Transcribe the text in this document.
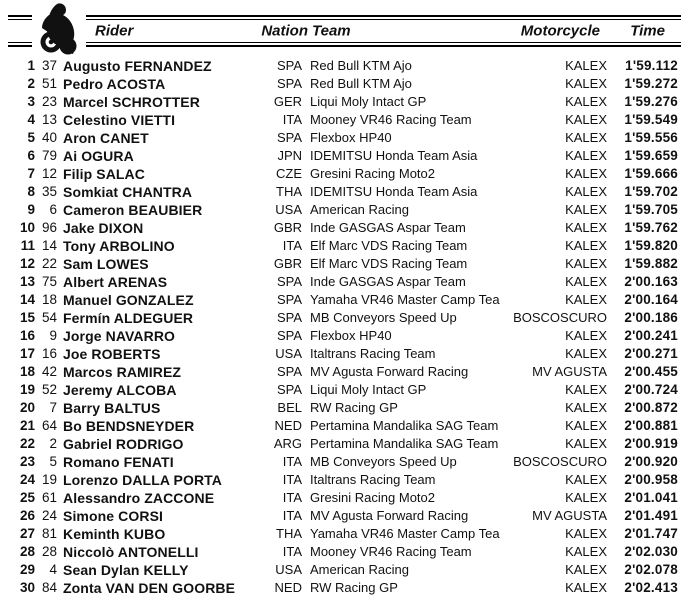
Rider	Nation Team	Motorcycle Time
1 37 Augusto FERNANDEZ	SPA Red Bull KTM Ajo	KALEX	1'59.112
2 51 Pedro ACOSTA	SPA Red Bull KTM Ajo	KALEX	1'59.272
3 23 Marcel SCHROTTER	GER Liqui Moly Intact GP	KALEX	1'59.276
4 13 Celestino VIETTI	ITA Mooney VR46 Racing Team	KALEX	1'59.549
5 40 Aron CANET	SPA Flexbox HP40	KALEX	1'59.556
6 79 Ai OGURA	JPN IDEMITSU Honda Team Asia	KALEX	1'59.659
7 12 Filip SALAC	CZE Gresini Racing Moto2	KALEX	1'59.666
8 35 Somkiat CHANTRA	THA IDEMITSU Honda Team Asia	KALEX	1'59.702
9	6 Cameron BEAUBIER	USA American Racing	KALEX	1'59.705
10 96 Jake DIXON	GBR Inde GASGAS Aspar Team	KALEX	1'59.762
11 14 Tony ARBOLINO	ITA Elf Marc VDS Racing Team	KALEX	1'59.820
12 22 Sam LOWES	GBR Elf Marc VDS Racing Team	KALEX	1'59.882
13 75 Albert ARENAS	SPA Inde GASGAS Aspar Team	KALEX	2'00.163
14 18 Manuel GONZALEZ	SPA Yamaha VR46 Master Camp Tea	KALEX	2'00.164
15 54 Fermín ALDEGUER	SPA MB Conveyors Speed Up	BOSCOSCURO	2'00.186
16	9 Jorge NAVARRO	SPA Flexbox HP40	KALEX	2'00.241
17 16 Joe ROBERTS	USA Italtrans Racing Team	KALEX	2'00.271
18 42 Marcos RAMIREZ	SPA MV Agusta Forward Racing	MV AGUSTA	2'00.455
19 52 Jeremy ALCOBA	SPA Liqui Moly Intact GP	KALEX	2'00.724
20	7 Barry BALTUS	BEL RW Racing GP	KALEX	2'00.872
21 64 Bo BENDSNEYDER	NED Pertamina Mandalika SAG Team	KALEX	2'00.881
22	2 Gabriel RODRIGO	ARG Pertamina Mandalika SAG Team	KALEX	2'00.919
23	5 Romano FENATI	ITA MB Conveyors Speed Up	BOSCOSCURO	2'00.920
24 19 Lorenzo DALLA PORTA	ITA Italtrans Racing Team	KALEX	2'00.958
25 61 Alessandro ZACCONE	ITA Gresini Racing Moto2	KALEX	2'01.041
26 24 Simone CORSI	ITA MV Agusta Forward Racing	MV AGUSTA	2'01.491
27 81 Keminth KUBO	THA Yamaha VR46 Master Camp Tea	KALEX	2'01.747
28 28 Niccolò ANTONELLI	ITA Mooney VR46 Racing Team	KALEX	2'02.030
29	4 Sean Dylan KELLY	USA American Racing	KALEX	2'02.078
30 84 Zonta VAN DEN GOORBE	NED RW Racing GP	KALEX	2'02.413
